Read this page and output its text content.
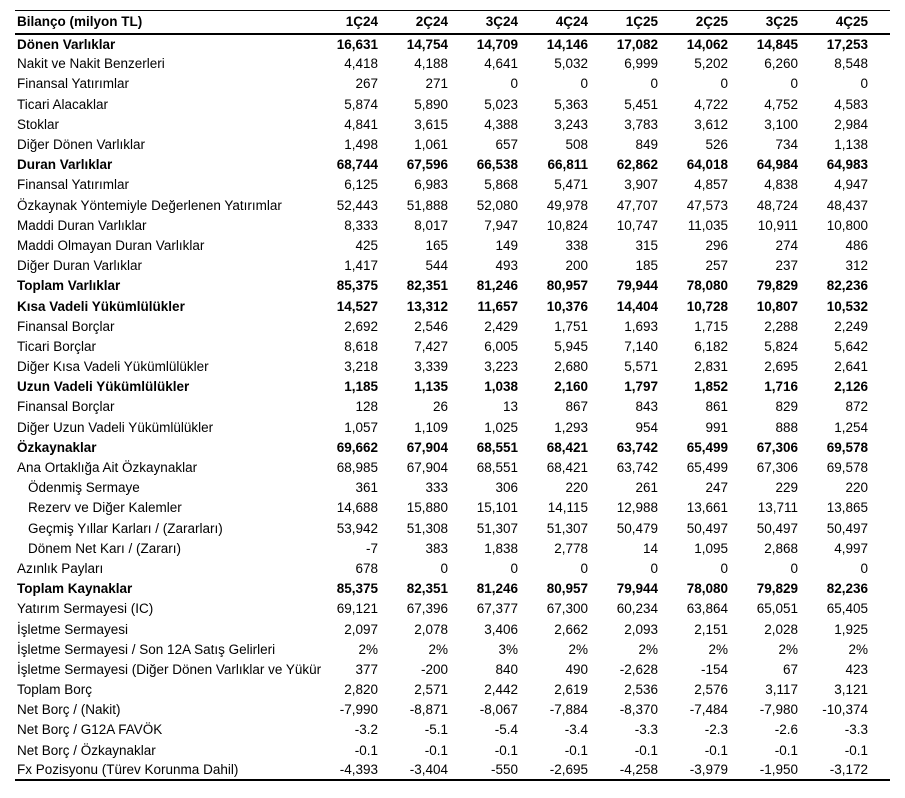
Bilanço (milyon TL)	1Ç24	2Ç24	3Ç24	4Ç24	1Ç25	2Ç25	3Ç25	4Ç25
Dönen Varlıklar	16,631	14,754	14,709	14,146	17,082	14,062	14,845	17,253
Nakit ve Nakit Benzerleri	4,418	4,188	4,641	5,032	6,999	5,202	6,260	8,548
Finansal Yatırımlar	267	271	0	0	0	0	0	0
Ticari Alacaklar	5,874	5,890	5,023	5,363	5,451	4,722	4,752	4,583
Stoklar	4,841	3,615	4,388	3,243	3,783	3,612	3,100	2,984
Diğer Dönen Varlıklar	1,498	1,061	657	508	849	526	734	1,138
Duran Varlıklar	68,744	67,596	66,538	66,811	62,862	64,018	64,984	64,983
Finansal Yatırımlar	6,125	6,983	5,868	5,471	3,907	4,857	4,838	4,947
Özkaynak Yöntemiyle Değerlenen Yatırımlar	52,443	51,888	52,080	49,978	47,707	47,573	48,724	48,437
Maddi Duran Varlıklar	8,333	8,017	7,947	10,824	10,747	11,035	10,911	10,800
Maddi Olmayan Duran Varlıklar	425	165	149	338	315	296	274	486
Diğer Duran Varlıklar	1,417	544	493	200	185	257	237	312
Toplam Varlıklar	85,375	82,351	81,246	80,957	79,944	78,080	79,829	82,236
Kısa Vadeli Yükümlülükler	14,527	13,312	11,657	10,376	14,404	10,728	10,807	10,532
Finansal Borçlar	2,692	2,546	2,429	1,751	1,693	1,715	2,288	2,249
Ticari Borçlar	8,618	7,427	6,005	5,945	7,140	6,182	5,824	5,642
Diğer Kısa Vadeli Yükümlülükler	3,218	3,339	3,223	2,680	5,571	2,831	2,695	2,641
Uzun Vadeli Yükümlülükler	1,185	1,135	1,038	2,160	1,797	1,852	1,716	2,126
Finansal Borçlar	128	26	13	867	843	861	829	872
Diğer Uzun Vadeli Yükümlülükler	1,057	1,109	1,025	1,293	954	991	888	1,254
Özkaynaklar	69,662	67,904	68,551	68,421	63,742	65,499	67,306	69,578
Ana Ortaklığa Ait Özkaynaklar	68,985	67,904	68,551	68,421	63,742	65,499	67,306	69,578
Ödenmiş Sermaye	361	333	306	220	261	247	229	220
Rezerv ve Diğer Kalemler	14,688	15,880	15,101	14,115	12,988	13,661	13,711	13,865
Geçmiş Yıllar Karları / (Zararları)	53,942	51,308	51,307	51,307	50,479	50,497	50,497	50,497
Dönem Net Karı / (Zararı)	-7	383	1,838	2,778	14	1,095	2,868	4,997
Azınlık Payları	678	0	0	0	0	0	0	0
Toplam Kaynaklar	85,375	82,351	81,246	80,957	79,944	78,080	79,829	82,236
Yatırım Sermayesi (IC)	69,121	67,396	67,377	67,300	60,234	63,864	65,051	65,405
İşletme Sermayesi	2,097	2,078	3,406	2,662	2,093	2,151	2,028	1,925
İşletme Sermayesi / Son 12A Satış Gelirleri	2%	2%	3%	2%	2%	2%	2%	2%
İşletme Sermayesi (Diğer Dönen Varlıklar ve Yükür	377	-200	840	490	-2,628	-154	67	423
Toplam Borç	2,820	2,571	2,442	2,619	2,536	2,576	3,117	3,121
Net Borç / (Nakit)	-7,990	-8,871	-8,067	-7,884	-8,370	-7,484	-7,980	-10,374
Net Borç / G12A FAVÖK	-3.2	-5.1	-5.4	-3.4	-3.3	-2.3	-2.6	-3.3
Net Borç / Özkaynaklar	-0.1	-0.1	-0.1	-0.1	-0.1	-0.1	-0.1	-0.1
Fx Pozisyonu (Türev Korunma Dahil)	-4,393	-3,404	-550	-2,695	-4,258	-3,979	-1,950	-3,172
